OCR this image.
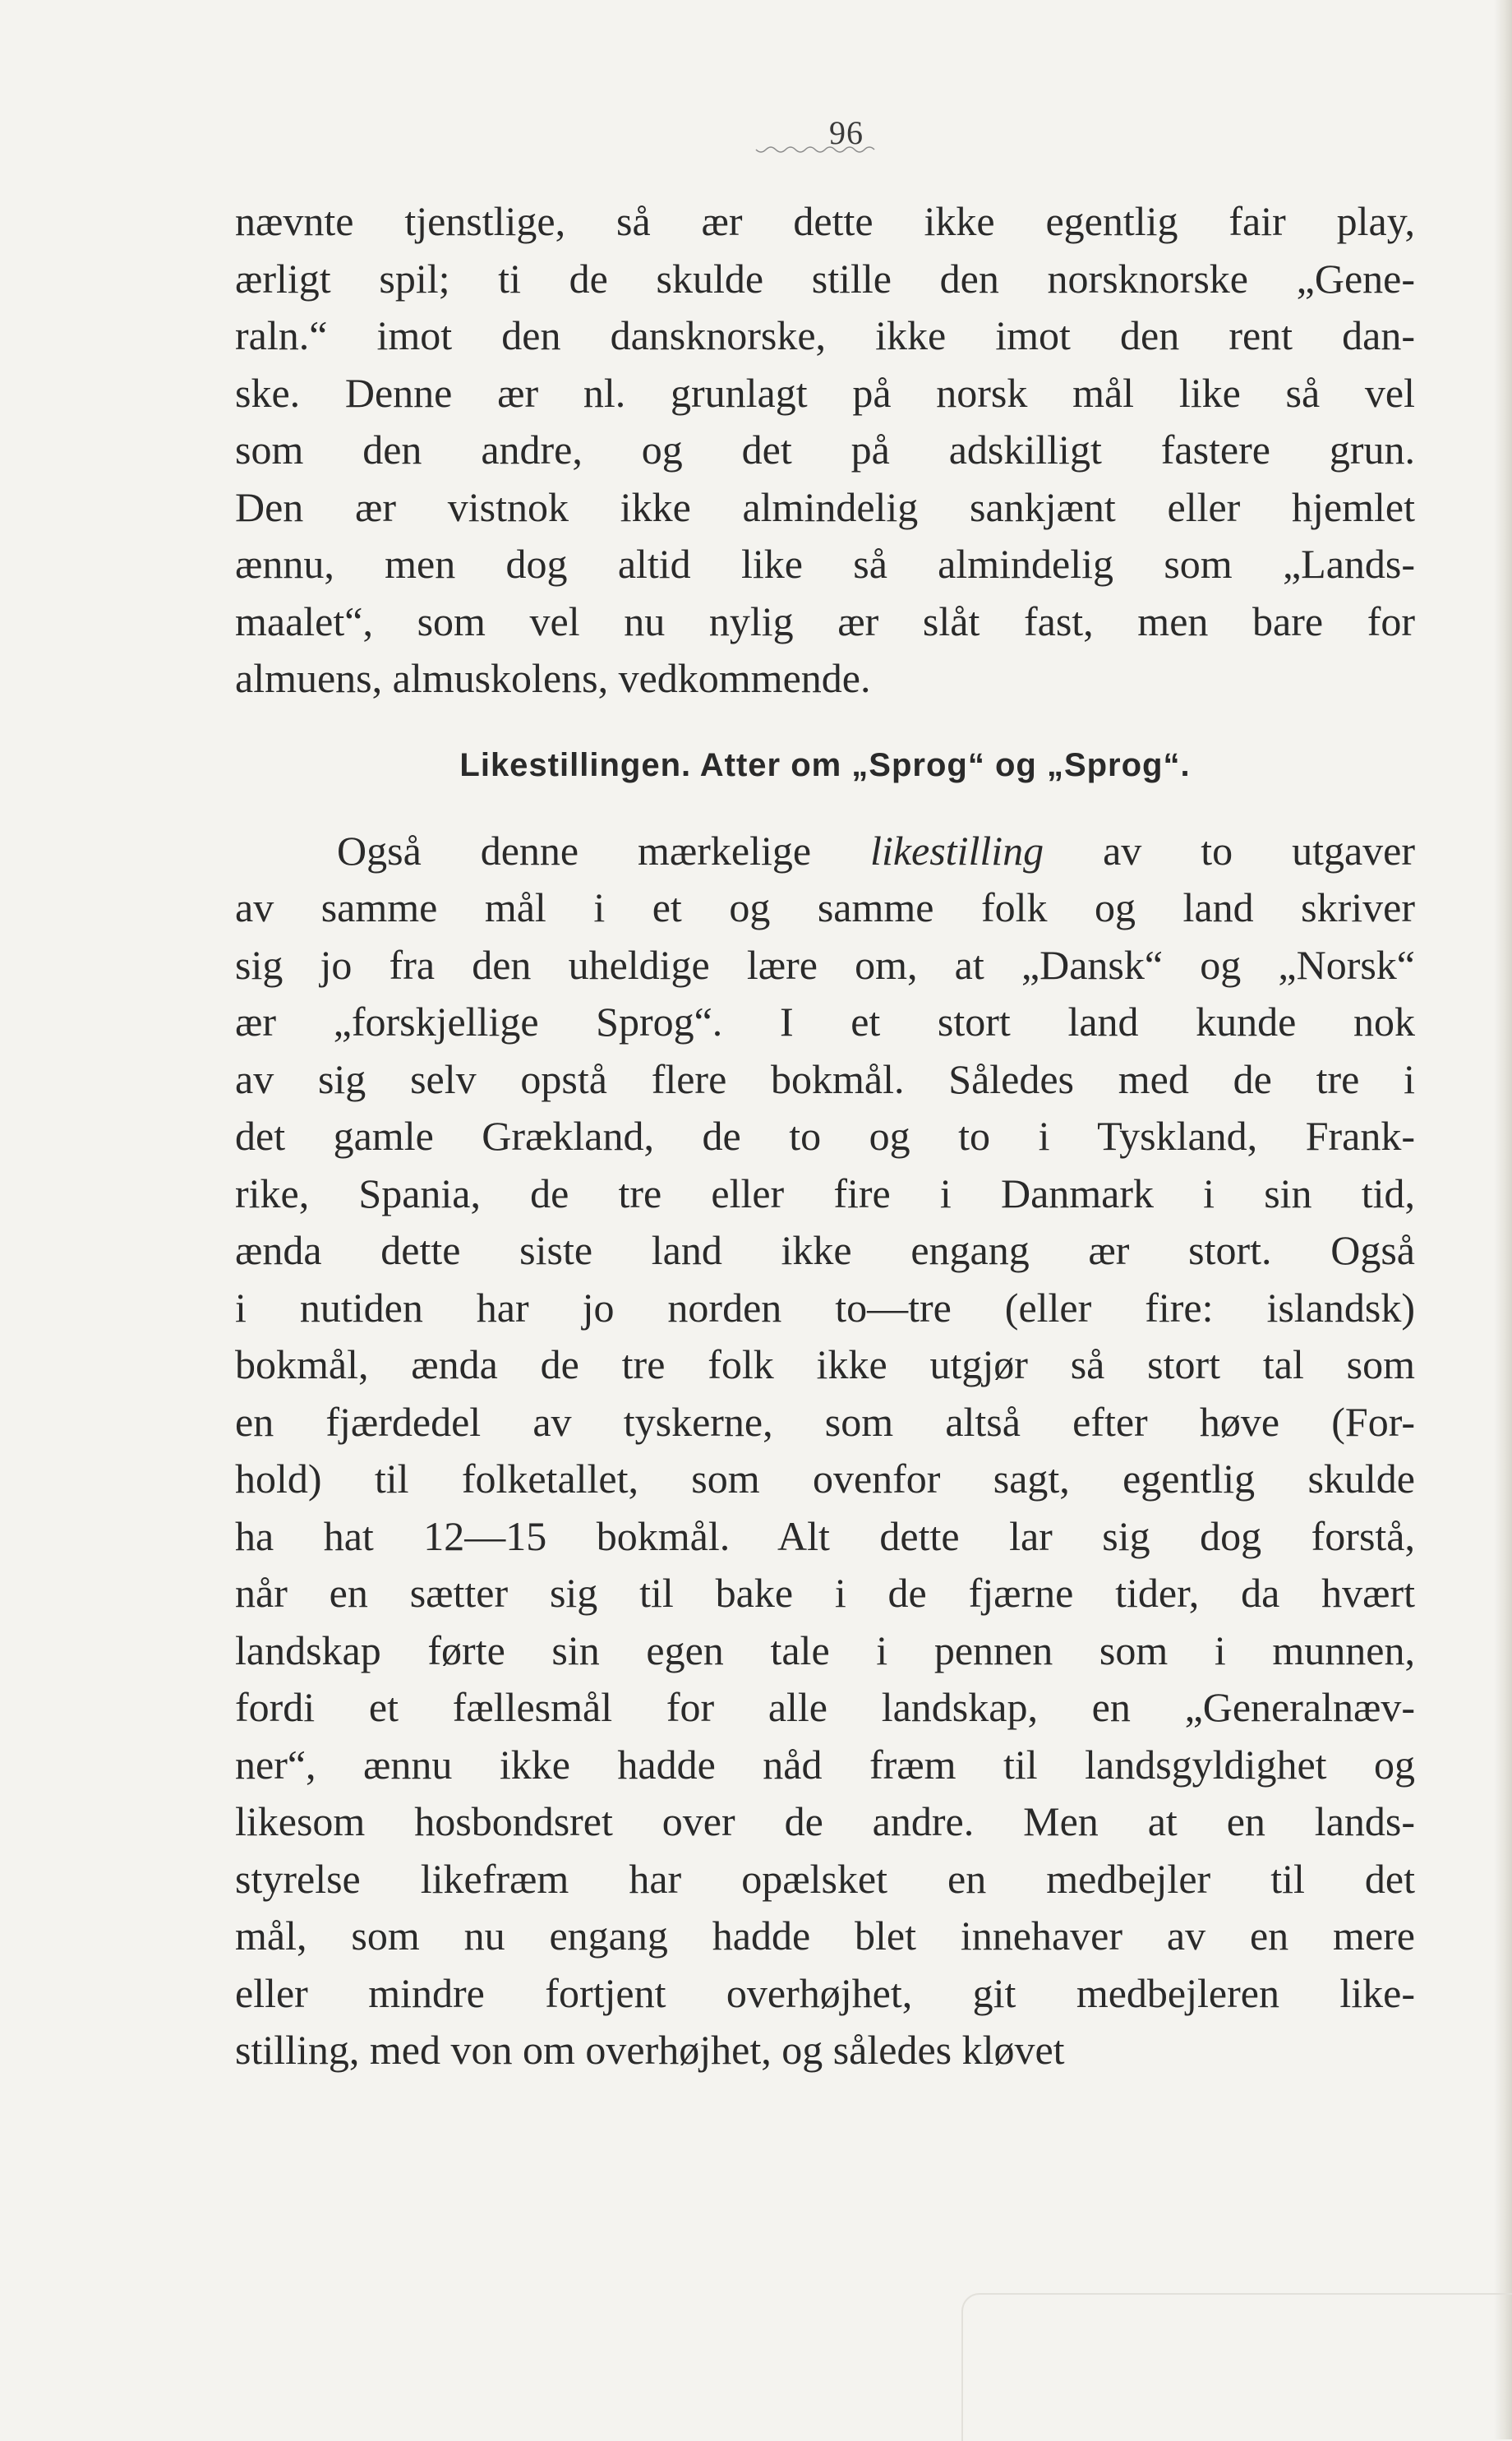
96
nævnte tjenstlige, så ær dette ikke egentlig fair play,
ærligt spil; ti de skulde stille den norsknorske „Gene-
raln.“ imot den dansknorske, ikke imot den rent dan-
ske. Denne ær nl. grunlagt på norsk mål like så vel
som den andre, og det på adskilligt fastere grun.
Den ær vistnok ikke almindelig sankjænt eller hjemlet
ænnu, men dog altid like så almindelig som „Lands-
maalet“, som vel nu nylig ær slåt fast, men bare for
almuens, almuskolens, vedkommende.
Likestillingen. Atter om „Sprog“ og „Sprog“.
Også denne mærkelige likestilling av to utgaver
av samme mål i et og samme folk og land skriver
sig jo fra den uheldige lære om, at „Dansk“ og „Norsk“
ær „forskjellige Sprog“. I et stort land kunde nok
av sig selv opstå flere bokmål. Således med de tre i
det gamle Grækland, de to og to i Tyskland, Frank-
rike, Spania, de tre eller fire i Danmark i sin tid,
ænda dette siste land ikke engang ær stort. Også
i nutiden har jo norden to—tre (eller fire: islandsk)
bokmål, ænda de tre folk ikke utgjør så stort tal som
en fjærdedel av tyskerne, som altså efter høve (For-
hold) til folketallet, som ovenfor sagt, egentlig skulde
ha hat 12—15 bokmål. Alt dette lar sig dog forstå,
når en sætter sig til bake i de fjærne tider, da hvært
landskap førte sin egen tale i pennen som i munnen,
fordi et fællesmål for alle landskap, en „Generalnæv-
ner“, ænnu ikke hadde nåd fræm til landsgyldighet og
likesom hosbondsret over de andre. Men at en lands-
styrelse likefræm har opælsket en medbejler til det
mål, som nu engang hadde blet innehaver av en mere
eller mindre fortjent overhøjhet, git medbejleren like-
stilling, med von om overhøjhet, og således kløvet
